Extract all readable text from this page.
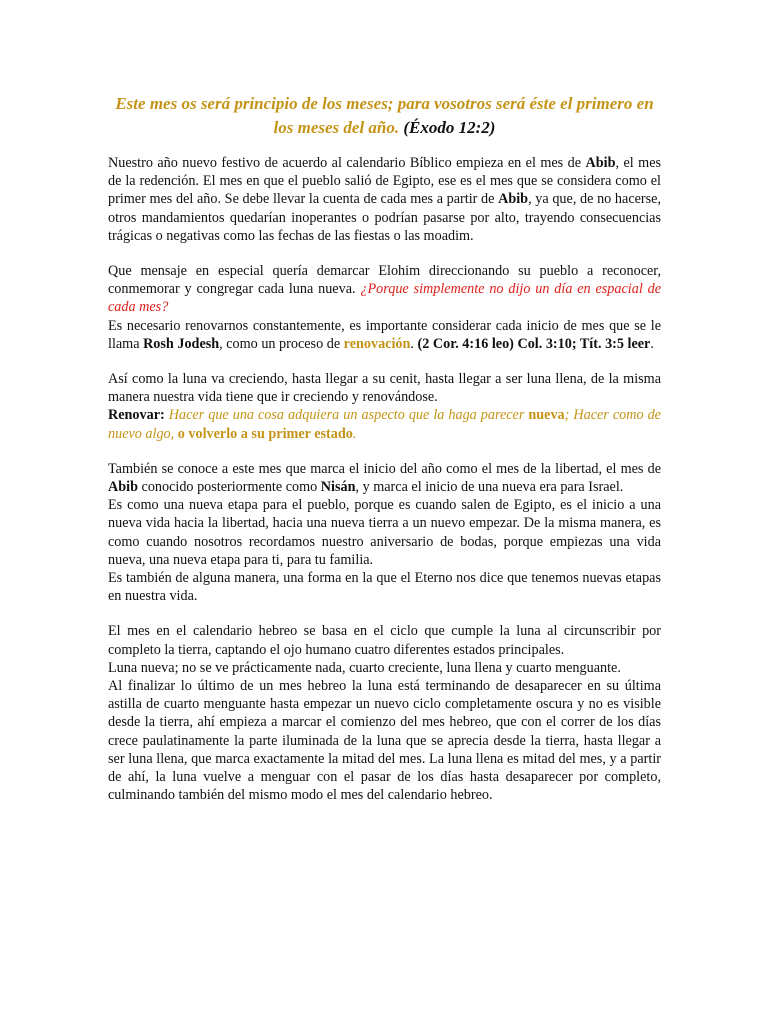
Este mes os será principio de los meses; para vosotros será éste el primero en los meses del año. (Éxodo 12:2)

Nuestro año nuevo festivo de acuerdo al calendario Bíblico empieza en el mes de Abib, el mes de la redención. El mes en que el pueblo salió de Egipto, ese es el mes que se considera como el primer mes del año. Se debe llevar la cuenta de cada mes a partir de Abib, ya que, de no hacerse, otros mandamientos quedarían inoperantes o podrían pasarse por alto, trayendo consecuencias trágicas o negativas como las fechas de las fiestas o las moadim.

Que mensaje en especial quería demarcar Elohim direccionando su pueblo a reconocer, conmemorar y congregar cada luna nueva. ¿Porque simplemente no dijo un día en espacial de cada mes?

Es necesario renovarnos constantemente, es importante considerar cada inicio de mes que se le llama Rosh Jodesh, como un proceso de renovación. (2 Cor. 4:16 leo) Col. 3:10; Tít. 3:5 leer.

Así como la luna va creciendo, hasta llegar a su cenit, hasta llegar a ser luna llena, de la misma manera nuestra vida tiene que ir creciendo y renovándose.

Renovar: Hacer que una cosa adquiera un aspecto que la haga parecer nueva; Hacer como de nuevo algo, o volverlo a su primer estado.

También se conoce a este mes que marca el inicio del año como el mes de la libertad, el mes de Abib conocido posteriormente como Nisán, y marca el inicio de una nueva era para Israel.

Es como una nueva etapa para el pueblo, porque es cuando salen de Egipto, es el inicio a una nueva vida hacia la libertad, hacia una nueva tierra a un nuevo empezar. De la misma manera, es como cuando nosotros recordamos nuestro aniversario de bodas, porque empiezas una vida nueva, una nueva etapa para ti, para tu familia.

Es también de alguna manera, una forma en la que el Eterno nos dice que tenemos nuevas etapas en nuestra vida.

El mes en el calendario hebreo se basa en el ciclo que cumple la luna al circunscribir por completo la tierra, captando el ojo humano cuatro diferentes estados principales.

Luna nueva; no se ve prácticamente nada, cuarto creciente, luna llena y cuarto menguante.

Al finalizar lo último de un mes hebreo la luna está terminando de desaparecer en su última astilla de cuarto menguante hasta empezar un nuevo ciclo completamente oscura y no es visible desde la tierra, ahí empieza a marcar el comienzo del mes hebreo, que con el correr de los días crece paulatinamente la parte iluminada de la luna que se aprecia desde la tierra, hasta llegar a ser luna llena, que marca exactamente la mitad del mes. La luna llena es mitad del mes, y a partir de ahí, la luna vuelve a menguar con el pasar de los días hasta desaparecer por completo, culminando también del mismo modo el mes del calendario hebreo.
